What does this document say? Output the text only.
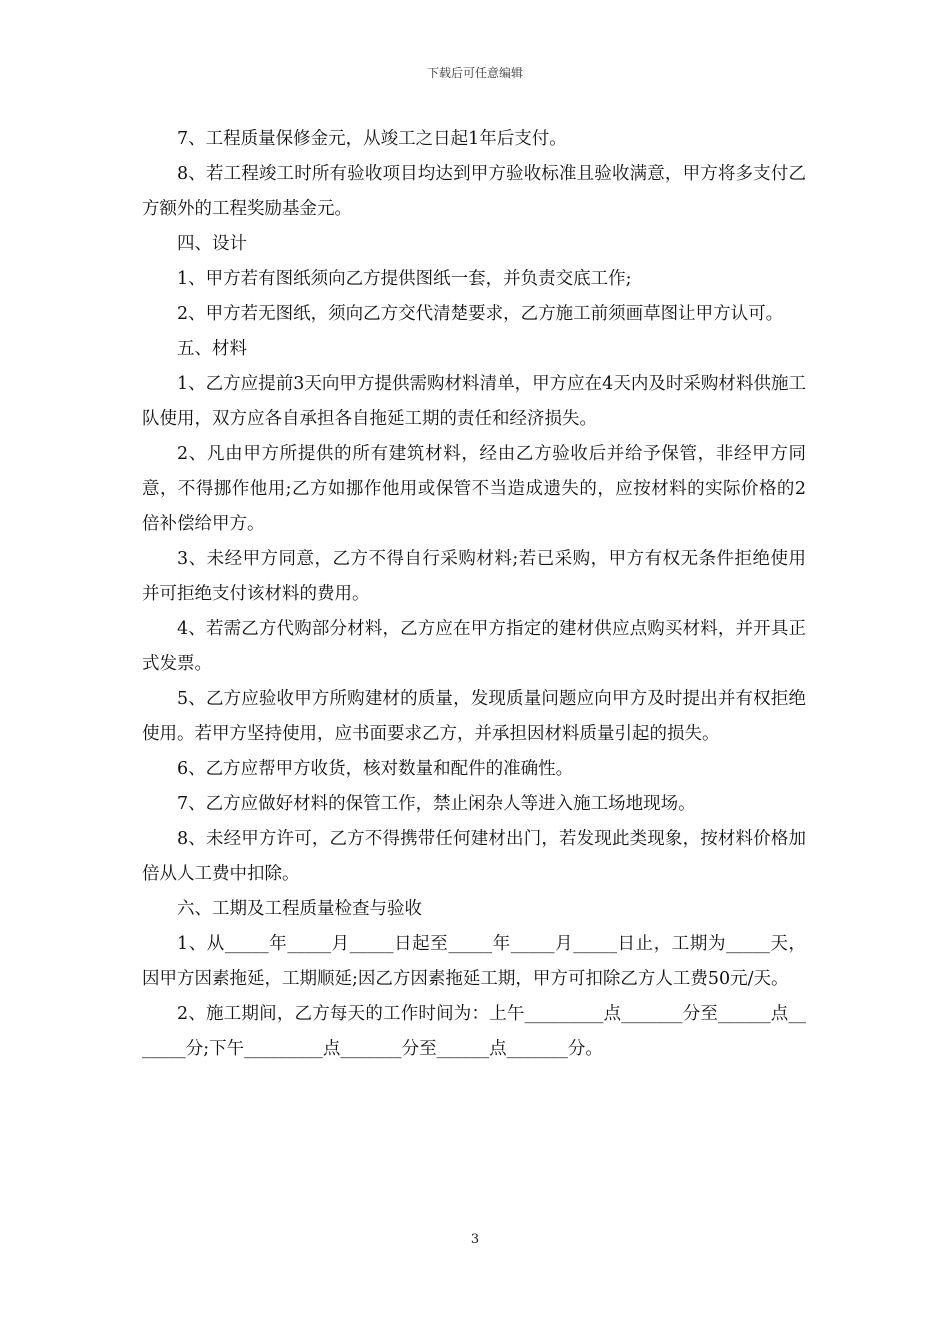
下载后可任意编辑

7、工程质量保修金元，从竣工之日起1年后支付。

8、若工程竣工时所有验收项目均达到甲方验收标准且验收满意，甲方将多支付乙方额外的工程奖励基金元。

四、设计

1、甲方若有图纸须向乙方提供图纸一套，并负责交底工作;

2、甲方若无图纸，须向乙方交代清楚要求，乙方施工前须画草图让甲方认可。

五、材料

1、乙方应提前3天向甲方提供需购材料清单，甲方应在4天内及时采购材料供施工队使用，双方应各自承担各自拖延工期的责任和经济损失。

2、凡由甲方所提供的所有建筑材料，经由乙方验收后并给予保管，非经甲方同意，不得挪作他用;乙方如挪作他用或保管不当造成遗失的，应按材料的实际价格的2倍补偿给甲方。

3、未经甲方同意，乙方不得自行采购材料;若已采购，甲方有权无条件拒绝使用并可拒绝支付该材料的费用。

4、若需乙方代购部分材料，乙方应在甲方指定的建材供应点购买材料，并开具正式发票。

5、乙方应验收甲方所购建材的质量，发现质量问题应向甲方及时提出并有权拒绝使用。若甲方坚持使用，应书面要求乙方，并承担因材料质量引起的损失。

6、乙方应帮甲方收货，核对数量和配件的准确性。

7、乙方应做好材料的保管工作，禁止闲杂人等进入施工场地现场。

8、未经甲方许可，乙方不得携带任何建材出门，若发现此类现象，按材料价格加倍从人工费中扣除。

六、工期及工程质量检查与验收

1、从_____年_____月_____日起至_____年_____月_____日止，工期为_____天，因甲方因素拖延，工期顺延;因乙方因素拖延工期，甲方可扣除乙方人工费50元/天。

2、施工期间，乙方每天的工作时间为：上午_________点_______分至______点_______分;下午_________点_______分至______点_______分。

3
